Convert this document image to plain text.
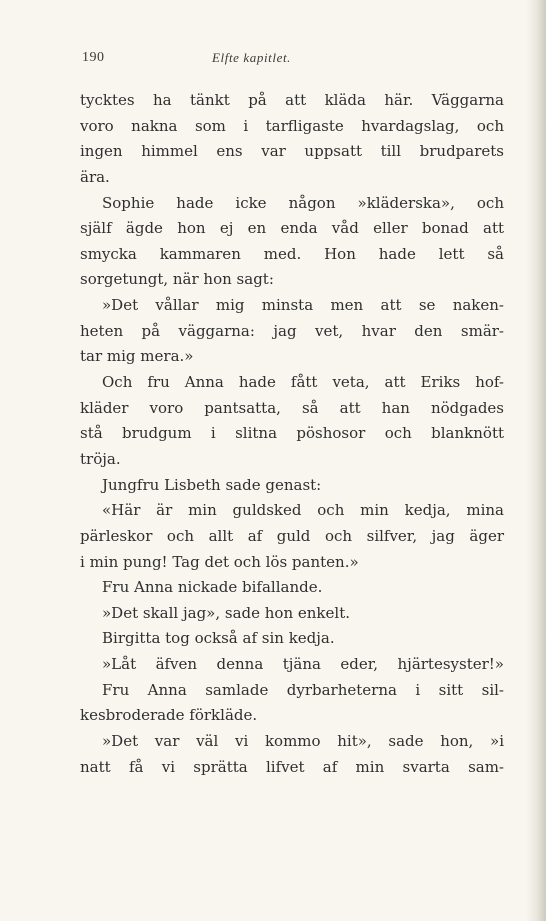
190	Elfte kapitlet.
tycktes ha tänkt på att kläda här. Väggarna
voro nakna som i tarfligaste hvardagslag, och
ingen himmel ens var uppsatt till brudparets
ära.
Sophie hade icke någon »kläderska», och
själf ägde hon ej en enda våd eller bonad att
smycka kammaren med. Hon hade lett så
sorgetungt, när hon sagt:
»Det vållar mig minsta men att se naken-
heten på väggarna: jag vet, hvar den smär-
tar mig mera.»
Och fru Anna hade fått veta, att Eriks hof-
kläder voro pantsatta, så att han nödgades
stå brudgum i slitna pöshosor och blanknött
tröja.
Jungfru Lisbeth sade genast:
«Här är min guldsked och min kedja, mina
pärleskor och allt af guld och silfver, jag äger
i min pung! Tag det och lös panten.»
Fru Anna nickade bifallande.
»Det skall jag», sade hon enkelt.
Birgitta tog också af sin kedja.
»Låt äfven denna tjäna eder, hjärtesyster!»
Fru Anna samlade dyrbarheterna i sitt sil-
kesbroderade förkläde.
»Det var väl vi kommo hit», sade hon, »i
natt få vi sprätta lifvet af min svarta sam-
